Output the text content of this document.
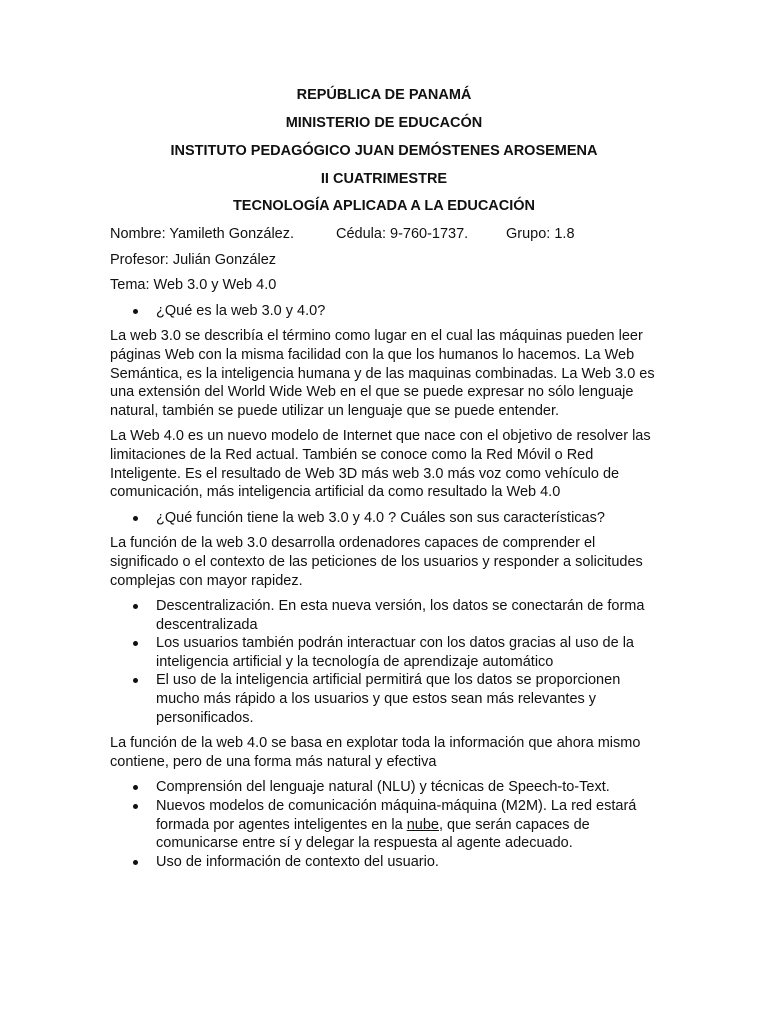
REPÚBLICA DE PANAMÁ

MINISTERIO DE EDUCACÓN

INSTITUTO PEDAGÓGICO JUAN DEMÓSTENES AROSEMENA

II CUATRIMESTRE

TECNOLOGÍA APLICADA A LA EDUCACIÓN

Nombre: Yamileth González.	Cédula: 9-760-1737.	Grupo: 1.8
Profesor: Julián González
Tema: Web 3.0 y Web 4.0
¿Qué es la web 3.0 y 4.0?

La web 3.0 se describía el término como lugar en el cual las máquinas pueden leer páginas Web con la misma facilidad con la que los humanos lo hacemos. La Web Semántica, es la inteligencia humana y de las maquinas combinadas. La Web 3.0 es una extensión del World Wide Web en el que se puede expresar no sólo lenguaje natural, también se puede utilizar un lenguaje que se puede entender.

La Web 4.0 es un nuevo modelo de Internet que nace con el objetivo de resolver las limitaciones de la Red actual. También se conoce como la Red Móvil o Red Inteligente. Es el resultado de Web 3D más web 3.0 más voz como vehículo de comunicación, más inteligencia artificial da como resultado la Web 4.0

¿Qué función tiene la web 3.0 y 4.0 ? Cuáles son sus características?

La función de la web 3.0 desarrolla ordenadores capaces de comprender el significado o el contexto de las peticiones de los usuarios y responder a solicitudes complejas con mayor rapidez.

Descentralización. En esta nueva versión, los datos se conectarán de forma descentralizada
Los usuarios también podrán interactuar con los datos gracias al uso de la inteligencia artificial y la tecnología de aprendizaje automático
El uso de la inteligencia artificial permitirá que los datos se proporcionen mucho más rápido a los usuarios y que estos sean más relevantes y personificados.

La función de la web 4.0 se basa en explotar toda la información que ahora mismo contiene, pero de una forma más natural y efectiva

Comprensión del lenguaje natural (NLU) y técnicas de Speech-to-Text.
Nuevos modelos de comunicación máquina-máquina (M2M). La red estará formada por agentes inteligentes en la nube, que serán capaces de comunicarse entre sí y delegar la respuesta al agente adecuado.
Uso de información de contexto del usuario.
